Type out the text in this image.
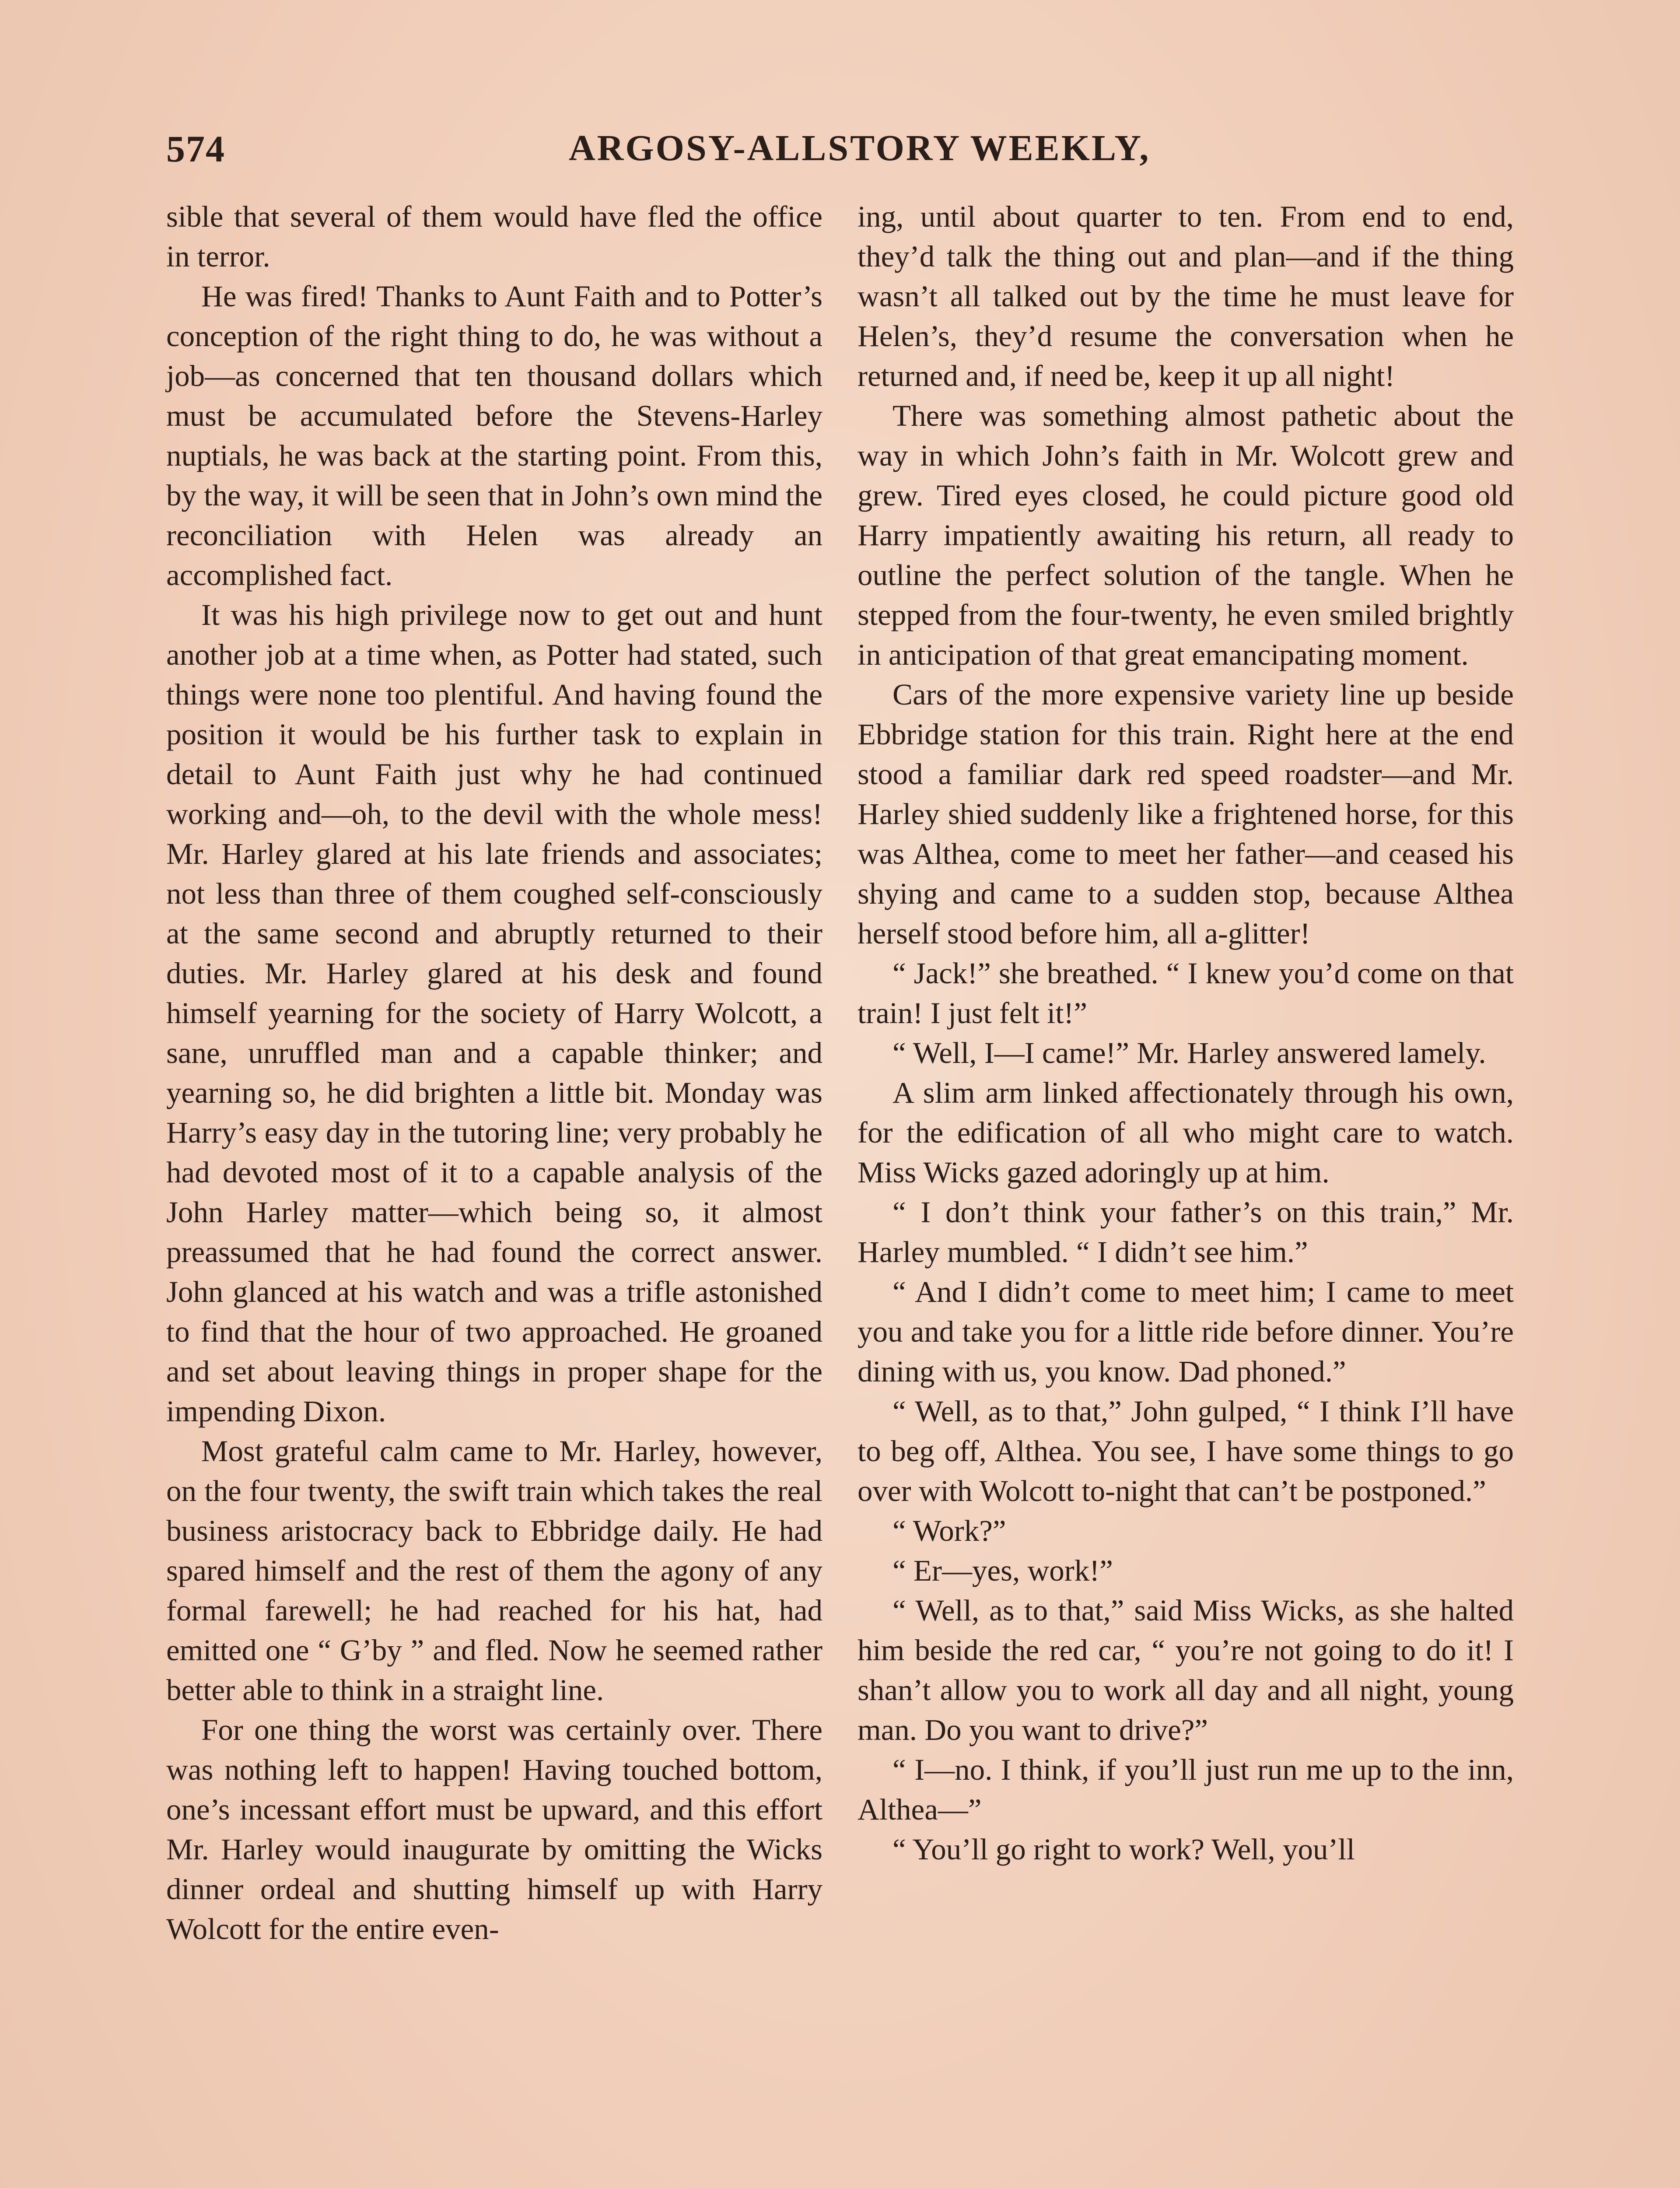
574	ARGOSY-ALLSTORY WEEKLY,

sible that several of them would have fled the office in terror.

He was fired! Thanks to Aunt Faith and to Potter’s conception of the right thing to do, he was without a job—as concerned that ten thousand dollars which must be accumulated before the Stevens-Harley nuptials, he was back at the starting point. From this, by the way, it will be seen that in John’s own mind the reconciliation with Helen was already an accomplished fact.

It was his high privilege now to get out and hunt another job at a time when, as Potter had stated, such things were none too plentiful. And having found the position it would be his further task to explain in detail to Aunt Faith just why he had continued working and—oh, to the devil with the whole mess! Mr. Harley glared at his late friends and associates; not less than three of them coughed self-consciously at the same second and abruptly returned to their duties. Mr. Harley glared at his desk and found himself yearning for the society of Harry Wolcott, a sane, unruffled man and a capable thinker; and yearning so, he did brighten a little bit. Monday was Harry’s easy day in the tutoring line; very probably he had devoted most of it to a capable analysis of the John Harley matter—which being so, it almost preassumed that he had found the correct answer. John glanced at his watch and was a trifle astonished to find that the hour of two approached. He groaned and set about leaving things in proper shape for the impending Dixon.

Most grateful calm came to Mr. Harley, however, on the four twenty, the swift train which takes the real business aristocracy back to Ebbridge daily. He had spared himself and the rest of them the agony of any formal farewell; he had reached for his hat, had emitted one “ G’by ” and fled. Now he seemed rather better able to think in a straight line.

For one thing the worst was certainly over. There was nothing left to happen! Having touched bottom, one’s incessant effort must be upward, and this effort Mr. Harley would inaugurate by omitting the Wicks dinner ordeal and shutting himself up with Harry Wolcott for the entire even-

ing, until about quarter to ten. From end to end, they’d talk the thing out and plan—and if the thing wasn’t all talked out by the time he must leave for Helen’s, they’d resume the conversation when he returned and, if need be, keep it up all night!

There was something almost pathetic about the way in which John’s faith in Mr. Wolcott grew and grew. Tired eyes closed, he could picture good old Harry impatiently awaiting his return, all ready to outline the perfect solution of the tangle. When he stepped from the four-twenty, he even smiled brightly in anticipation of that great emancipating moment.

Cars of the more expensive variety line up beside Ebbridge station for this train. Right here at the end stood a familiar dark red speed roadster—and Mr. Harley shied suddenly like a frightened horse, for this was Althea, come to meet her father—and ceased his shying and came to a sudden stop, because Althea herself stood before him, all a-glitter!

“ Jack!” she breathed. “ I knew you’d come on that train! I just felt it!”

“ Well, I—I came!” Mr. Harley answered lamely.

A slim arm linked affectionately through his own, for the edification of all who might care to watch. Miss Wicks gazed adoringly up at him.

“ I don’t think your father’s on this train,” Mr. Harley mumbled. “ I didn’t see him.”

“ And I didn’t come to meet him; I came to meet you and take you for a little ride before dinner. You’re dining with us, you know. Dad phoned.”

“ Well, as to that,” John gulped, “ I think I’ll have to beg off, Althea. You see, I have some things to go over with Wolcott to-night that can’t be postponed.”

“ Work?”

“ Er—yes, work!”

“ Well, as to that,” said Miss Wicks, as she halted him beside the red car, “ you’re not going to do it! I shan’t allow you to work all day and all night, young man. Do you want to drive?”

“ I—no. I think, if you’ll just run me up to the inn, Althea—”

“ You’ll go right to work? Well, you’ll
